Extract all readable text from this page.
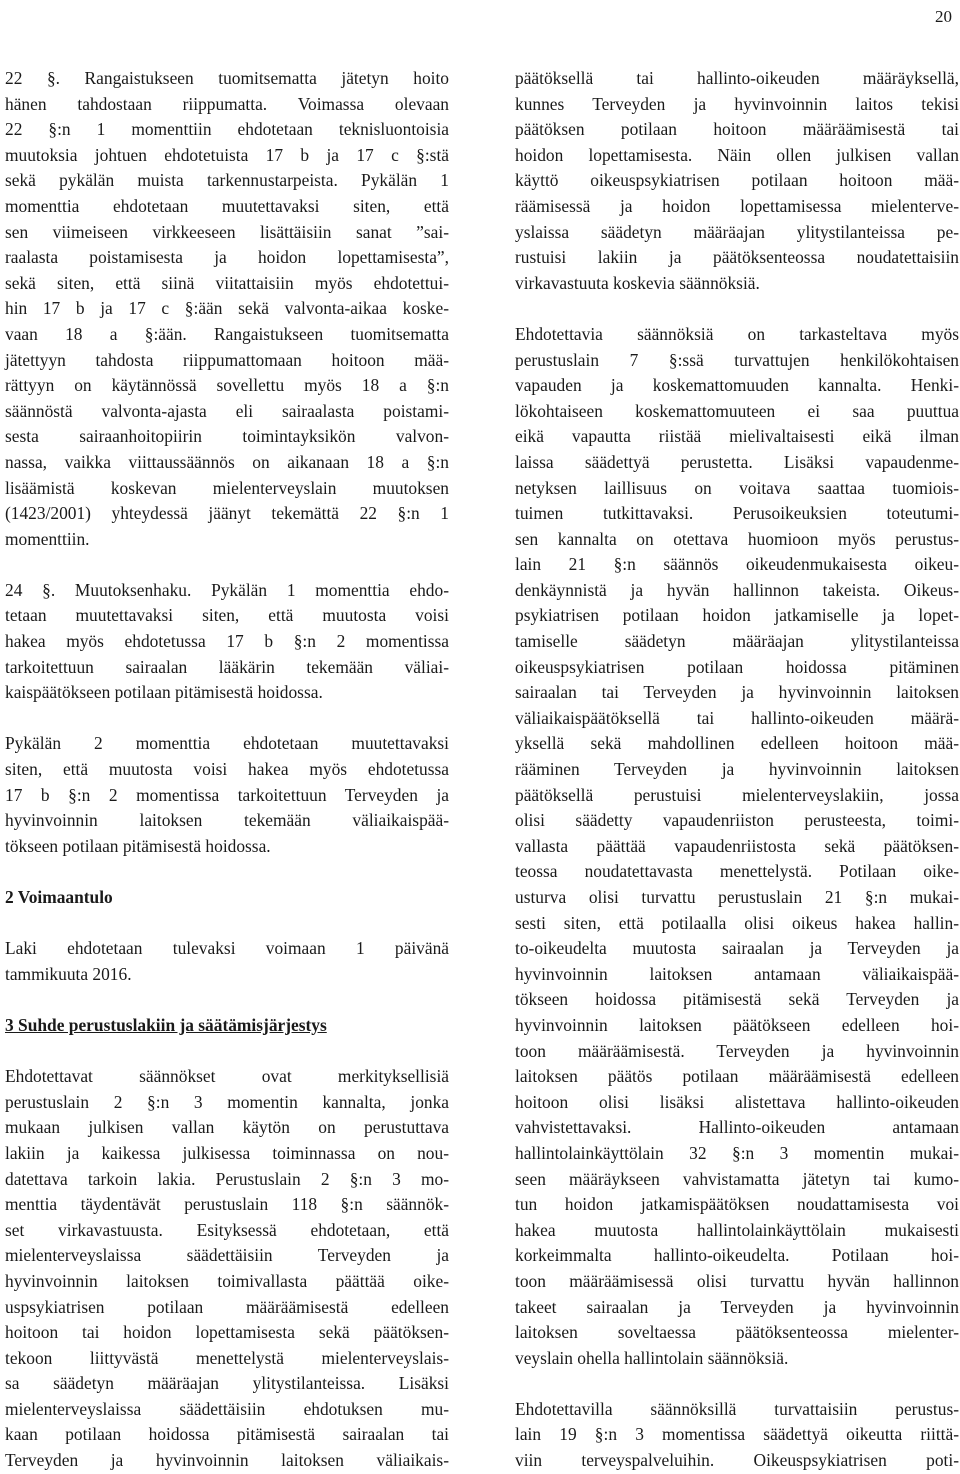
20

22 §. Rangaistukseen tuomitsematta jätetyn hoito
hänen tahdostaan riippumatta. Voimassa olevaan
22 §:n 1 momenttiin ehdotetaan teknisluontoisia
muutoksia johtuen ehdotetuista 17 b ja 17 c §:stä
sekä pykälän muista tarkennustarpeista. Pykälän 1
momenttia ehdotetaan muutettavaksi siten, että
sen viimeiseen virkkeeseen lisättäisiin sanat ”sai-
raalasta poistamisesta ja hoidon lopettamisesta”,
sekä siten, että siinä viitattaisiin myös ehdotettui-
hin 17 b ja 17 c §:ään sekä valvonta-aikaa koske-
vaan 18 a §:ään. Rangaistukseen tuomitsematta
jätettyyn tahdosta riippumattomaan hoitoon mää-
rättyyn on käytännössä sovellettu myös 18 a §:n
säännöstä valvonta-ajasta eli sairaalasta poistami-
sesta sairaanhoitopiirin toimintayksikön valvon-
nassa, vaikka viittaussäännös on aikanaan 18 a §:n
lisäämistä koskevan mielenterveyslain muutoksen
(1423/2001) yhteydessä jäänyt tekemättä 22 §:n 1
momenttiin.

24 §. Muutoksenhaku. Pykälän 1 momenttia ehdo-
tetaan muutettavaksi siten, että muutosta voisi
hakea myös ehdotetussa 17 b §:n 2 momentissa
tarkoitettuun sairaalan lääkärin tekemään väliai-
kaispäätökseen potilaan pitämisestä hoidossa.

Pykälän 2 momenttia ehdotetaan muutettavaksi
siten, että muutosta voisi hakea myös ehdotetussa
17 b §:n 2 momentissa tarkoitettuun Terveyden ja
hyvinvoinnin laitoksen tekemään väliaikaispää-
tökseen potilaan pitämisestä hoidossa.

2 Voimaantulo

Laki ehdotetaan tulevaksi voimaan 1 päivänä
tammikuuta 2016.

3 Suhde perustuslakiin ja säätämisjärjestys

Ehdotettavat säännökset ovat merkityksellisiä
perustuslain 2 §:n 3 momentin kannalta, jonka
mukaan julkisen vallan käytön on perustuttava
lakiin ja kaikessa julkisessa toiminnassa on nou-
datettava tarkoin lakia. Perustuslain 2 §:n 3 mo-
menttia täydentävät perustuslain 118 §:n säännök-
set virkavastuusta. Esityksessä ehdotetaan, että
mielenterveyslaissa säädettäisiin Terveyden ja
hyvinvoinnin laitoksen toimivallasta päättää oike-
uspsykiatrisen potilaan määräämisestä edelleen
hoitoon tai hoidon lopettamisesta sekä päätöksen-
tekoon liittyvästä menettelystä mielenterveyslais-
sa säädetyn määräajan ylitystilanteissa. Lisäksi
mielenterveyslaissa säädettäisiin ehdotuksen mu-
kaan potilaan hoidossa pitämisestä sairaalan tai
Terveyden ja hyvinvoinnin laitoksen väliaikais-

päätöksellä tai hallinto-oikeuden määräyksellä,
kunnes Terveyden ja hyvinvoinnin laitos tekisi
päätöksen potilaan hoitoon määräämisestä tai
hoidon lopettamisesta. Näin ollen julkisen vallan
käyttö oikeuspsykiatrisen potilaan hoitoon mää-
räämisessä ja hoidon lopettamisessa mielenterve-
yslaissa säädetyn määräajan ylitystilanteissa pe-
rustuisi lakiin ja päätöksenteossa noudatettaisiin
virkavastuuta koskevia säännöksiä.

Ehdotettavia säännöksiä on tarkasteltava myös
perustuslain 7 §:ssä turvattujen henkilökohtaisen
vapauden ja koskemattomuuden kannalta. Henki-
lökohtaiseen koskemattomuuteen ei saa puuttua
eikä vapautta riistää mielivaltaisesti eikä ilman
laissa säädettyä perustetta. Lisäksi vapaudenme-
netyksen laillisuus on voitava saattaa tuomiois-
tuimen tutkittavaksi. Perusoikeuksien toteutumi-
sen kannalta on otettava huomioon myös perustus-
lain 21 §:n säännös oikeudenmukaisesta oikeu-
denkäynnistä ja hyvän hallinnon takeista. Oikeus-
psykiatrisen potilaan hoidon jatkamiselle ja lopet-
tamiselle säädetyn määräajan ylitystilanteissa
oikeuspsykiatrisen potilaan hoidossa pitäminen
sairaalan tai Terveyden ja hyvinvoinnin laitoksen
väliaikaispäätöksellä tai hallinto-oikeuden määrä-
yksellä sekä mahdollinen edelleen hoitoon mää-
rääminen Terveyden ja hyvinvoinnin laitoksen
päätöksellä perustuisi mielenterveyslakiin, jossa
olisi säädetty vapaudenriiston perusteesta, toimi-
vallasta päättää vapaudenriistosta sekä päätöksen-
teossa noudatettavasta menettelystä. Potilaan oike-
usturva olisi turvattu perustuslain 21 §:n mukai-
sesti siten, että potilaalla olisi oikeus hakea hallin-
to-oikeudelta muutosta sairaalan ja Terveyden ja
hyvinvoinnin laitoksen antamaan väliaikaispää-
tökseen hoidossa pitämisestä sekä Terveyden ja
hyvinvoinnin laitoksen päätökseen edelleen hoi-
toon määräämisestä. Terveyden ja hyvinvoinnin
laitoksen päätös potilaan määräämisestä edelleen
hoitoon olisi lisäksi alistettava hallinto-oikeuden
vahvistettavaksi. Hallinto-oikeuden antamaan
hallintolainkäyttölain 32 §:n 3 momentin mukai-
seen määräykseen vahvistamatta jätetyn tai kumo-
tun hoidon jatkamispäätöksen noudattamisesta voi
hakea muutosta hallintolainkäyttölain mukaisesti
korkeimmalta hallinto-oikeudelta. Potilaan hoi-
toon määräämisessä olisi turvattu hyvän hallinnon
takeet sairaalan ja Terveyden ja hyvinvoinnin
laitoksen soveltaessa päätöksenteossa mielenter-
veyslain ohella hallintolain säännöksiä.

Ehdotettavilla säännöksillä turvattaisiin perustus-
lain 19 §:n 3 momentissa säädettyä oikeutta riittä-
viin terveyspalveluihin. Oikeuspsykiatrisen poti-
